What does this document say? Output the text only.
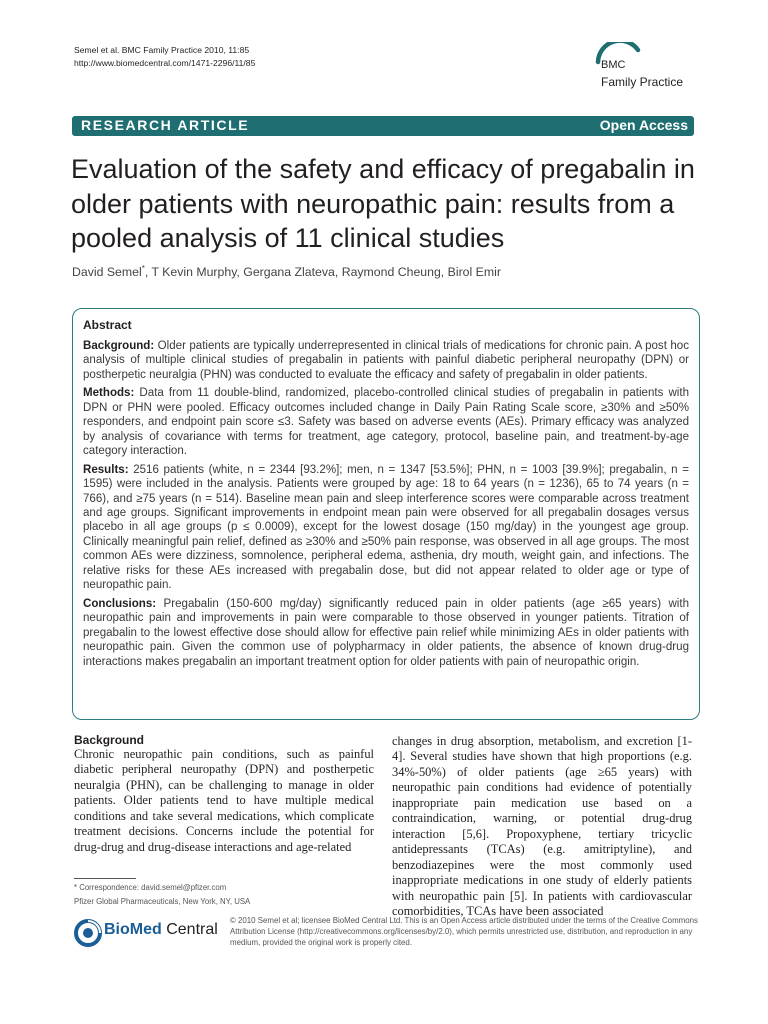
Semel et al. BMC Family Practice 2010, 11:85
http://www.biomedcentral.com/1471-2296/11/85	BMC
Family Practice
RESEARCH ARTICLE	Open Access
Evaluation of the safety and efficacy of pregabalin in older patients with neuropathic pain: results from a pooled analysis of 11 clinical studies
David Semel*, T Kevin Murphy, Gergana Zlateva, Raymond Cheung, Birol Emir
Abstract

Background: Older patients are typically underrepresented in clinical trials of medications for chronic pain. A post hoc analysis of multiple clinical studies of pregabalin in patients with painful diabetic peripheral neuropathy (DPN) or postherpetic neuralgia (PHN) was conducted to evaluate the efficacy and safety of pregabalin in older patients.

Methods: Data from 11 double-blind, randomized, placebo-controlled clinical studies of pregabalin in patients with DPN or PHN were pooled. Efficacy outcomes included change in Daily Pain Rating Scale score, ≥30% and ≥50% responders, and endpoint pain score ≤3. Safety was based on adverse events (AEs). Primary efficacy was analyzed by analysis of covariance with terms for treatment, age category, protocol, baseline pain, and treatment-by-age category interaction.

Results: 2516 patients (white, n = 2344 [93.2%]; men, n = 1347 [53.5%]; PHN, n = 1003 [39.9%]; pregabalin, n = 1595) were included in the analysis. Patients were grouped by age: 18 to 64 years (n = 1236), 65 to 74 years (n = 766), and ≥75 years (n = 514). Baseline mean pain and sleep interference scores were comparable across treatment and age groups. Significant improvements in endpoint mean pain were observed for all pregabalin dosages versus placebo in all age groups (p ≤ 0.0009), except for the lowest dosage (150 mg/day) in the youngest age group. Clinically meaningful pain relief, defined as ≥30% and ≥50% pain response, was observed in all age groups. The most common AEs were dizziness, somnolence, peripheral edema, asthenia, dry mouth, weight gain, and infections. The relative risks for these AEs increased with pregabalin dose, but did not appear related to older age or type of neuropathic pain.

Conclusions: Pregabalin (150-600 mg/day) significantly reduced pain in older patients (age ≥65 years) with neuropathic pain and improvements in pain were comparable to those observed in younger patients. Titration of pregabalin to the lowest effective dose should allow for effective pain relief while minimizing AEs in older patients with neuropathic pain. Given the common use of polypharmacy in older patients, the absence of known drug-drug interactions makes pregabalin an important treatment option for older patients with pain of neuropathic origin.

Background

Chronic neuropathic pain conditions, such as painful diabetic peripheral neuropathy (DPN) and postherpetic neuralgia (PHN), can be challenging to manage in older patients. Older patients tend to have multiple medical conditions and take several medications, which complicate treatment decisions. Concerns include the potential for drug-drug and drug-disease interactions and age-related

changes in drug absorption, metabolism, and excretion [1-4]. Several studies have shown that high proportions (e.g. 34%-50%) of older patients (age ≥65 years) with neuropathic pain conditions had evidence of potentially inappropriate pain medication use based on a contraindication, warning, or potential drug-drug interaction [5,6]. Propoxyphene, tertiary tricyclic antidepressants (TCAs) (e.g. amitriptyline), and benzodiazepines were the most commonly used inappropriate medications in one study of elderly patients with neuropathic pain [5]. In patients with cardiovascular comorbidities, TCAs have been associated

* Correspondence: david.semel@pfizer.com
Pfizer Global Pharmaceuticals, New York, NY, USA
BioMed Central
© 2010 Semel et al; licensee BioMed Central Ltd. This is an Open Access article distributed under the terms of the Creative Commons Attribution License (http://creativecommons.org/licenses/by/2.0), which permits unrestricted use, distribution, and reproduction in any medium, provided the original work is properly cited.
